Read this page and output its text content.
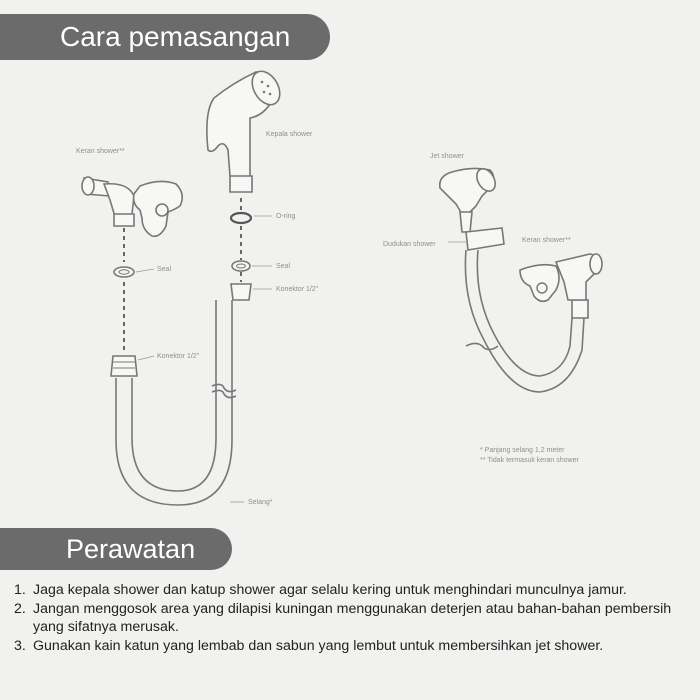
Cara pemasangan
Keran shower**
Seal
Konektor 1/2"
Selang*
Konektor 1/2"
Seal
O-ring
Kepala shower
Jet shower
Dudukan shower
Keran shower**
* Panjang selang 1,2 meter
** Tidak termasuk keran shower
Perawatan
1. Jaga kepala shower dan katup shower agar selalu kering untuk menghindari munculnya jamur.
2. Jangan menggosok area yang dilapisi kuningan menggunakan deterjen atau bahan-bahan pembersih yang sifatnya merusak.
3. Gunakan kain katun yang lembab dan sabun yang lembut untuk membersihkan jet shower.
